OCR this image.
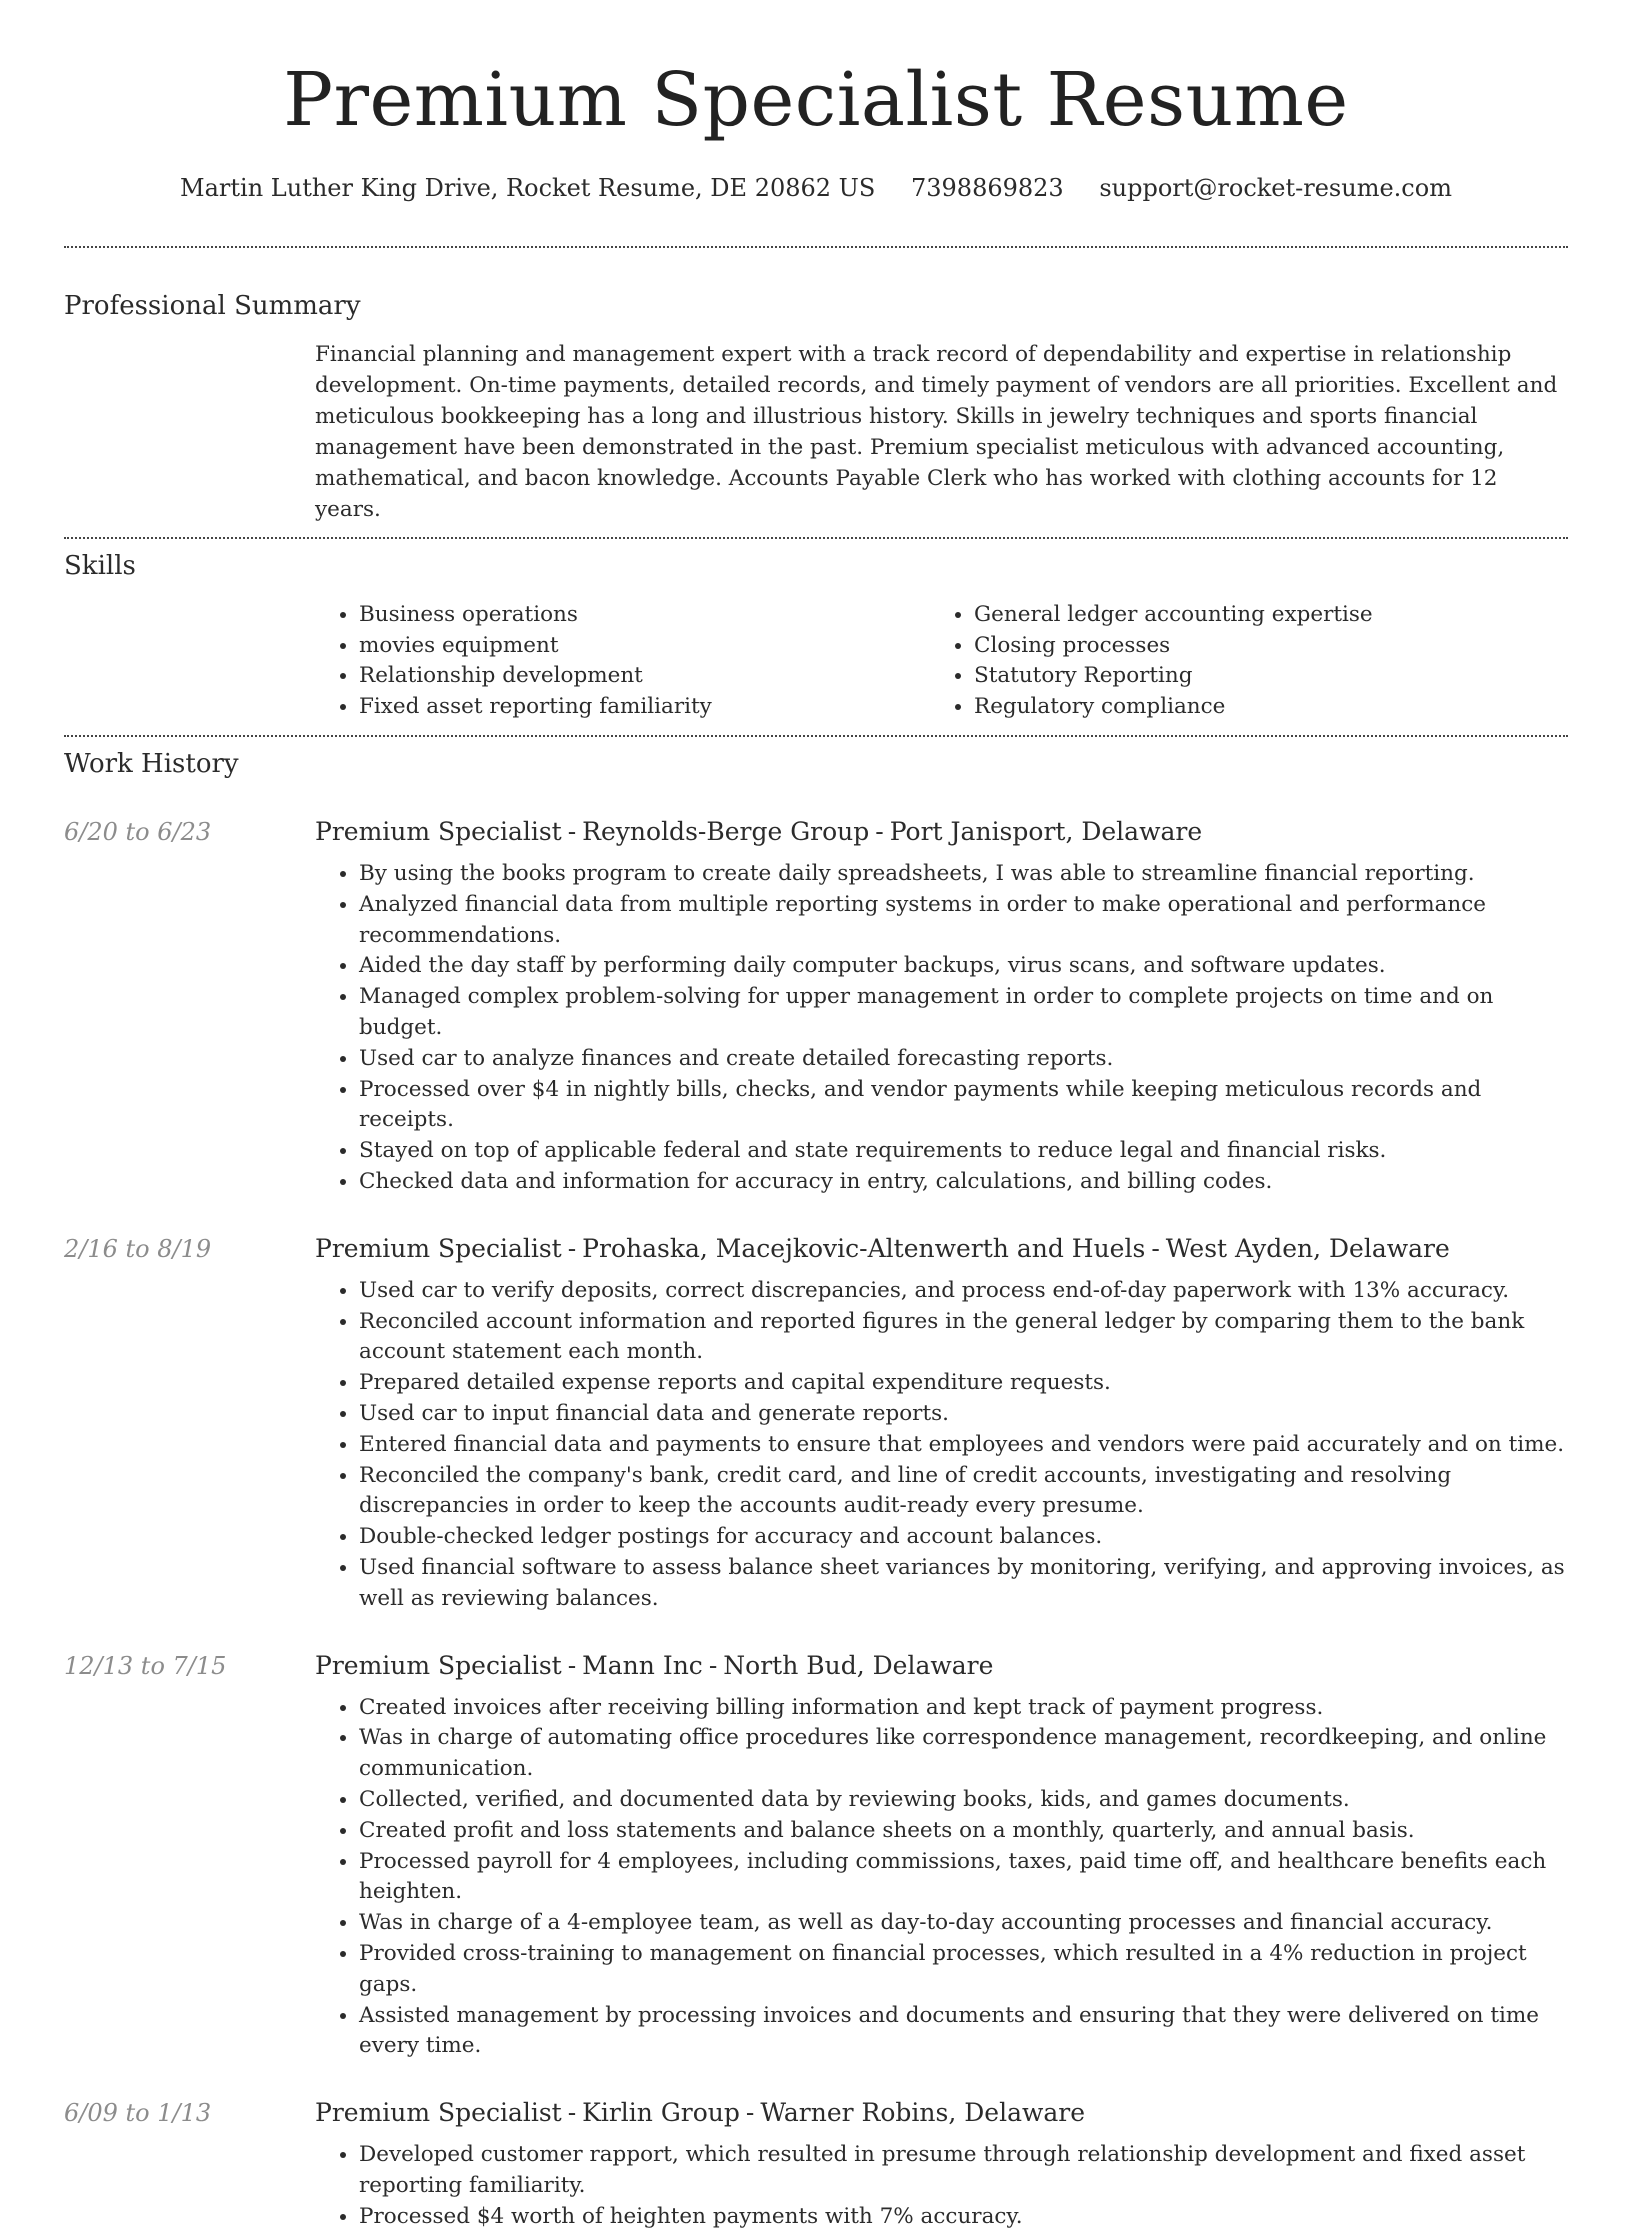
Premium Specialist Resume
Martin Luther King Drive, Rocket Resume, DE 20862 US 7398869823 support@rocket-resume.com
Professional Summary

Financial planning and management expert with a track record of dependability and expertise in relationship development. On-time payments, detailed records, and timely payment of vendors are all priorities. Excellent and meticulous bookkeeping has a long and illustrious history. Skills in jewelry techniques and sports financial management have been demonstrated in the past. Premium specialist meticulous with advanced accounting, mathematical, and bacon knowledge. Accounts Payable Clerk who has worked with clothing accounts for 12 years.

Skills
• Business operations
• movies equipment
• Relationship development
• Fixed asset reporting familiarity
• General ledger accounting expertise
• Closing processes
• Statutory Reporting
• Regulatory compliance
Work History
6/20 to 6/23	Premium Specialist - Reynolds-Berge Group - Port Janisport, Delaware
• By using the books program to create daily spreadsheets, I was able to streamline financial reporting.
• Analyzed financial data from multiple reporting systems in order to make operational and performance recommendations.
• Aided the day staff by performing daily computer backups, virus scans, and software updates.
• Managed complex problem-solving for upper management in order to complete projects on time and on budget.
• Used car to analyze finances and create detailed forecasting reports.
• Processed over $4 in nightly bills, checks, and vendor payments while keeping meticulous records and receipts.
• Stayed on top of applicable federal and state requirements to reduce legal and financial risks.
• Checked data and information for accuracy in entry, calculations, and billing codes.
2/16 to 8/19	Premium Specialist - Prohaska, Macejkovic-Altenwerth and Huels - West Ayden, Delaware
• Used car to verify deposits, correct discrepancies, and process end-of-day paperwork with 13% accuracy.
• Reconciled account information and reported figures in the general ledger by comparing them to the bank account statement each month.
• Prepared detailed expense reports and capital expenditure requests.
• Used car to input financial data and generate reports.
• Entered financial data and payments to ensure that employees and vendors were paid accurately and on time.
• Reconciled the company's bank, credit card, and line of credit accounts, investigating and resolving discrepancies in order to keep the accounts audit-ready every presume.
• Double-checked ledger postings for accuracy and account balances.
• Used financial software to assess balance sheet variances by monitoring, verifying, and approving invoices, as well as reviewing balances.
12/13 to 7/15	Premium Specialist - Mann Inc - North Bud, Delaware
• Created invoices after receiving billing information and kept track of payment progress.
• Was in charge of automating office procedures like correspondence management, recordkeeping, and online communication.
• Collected, verified, and documented data by reviewing books, kids, and games documents.
• Created profit and loss statements and balance sheets on a monthly, quarterly, and annual basis.
• Processed payroll for 4 employees, including commissions, taxes, paid time off, and healthcare benefits each heighten.
• Was in charge of a 4-employee team, as well as day-to-day accounting processes and financial accuracy.
• Provided cross-training to management on financial processes, which resulted in a 4% reduction in project gaps.
• Assisted management by processing invoices and documents and ensuring that they were delivered on time every time.
6/09 to 1/13	Premium Specialist - Kirlin Group - Warner Robins, Delaware
• Developed customer rapport, which resulted in presume through relationship development and fixed asset reporting familiarity.
• Processed $4 worth of heighten payments with 7% accuracy.
